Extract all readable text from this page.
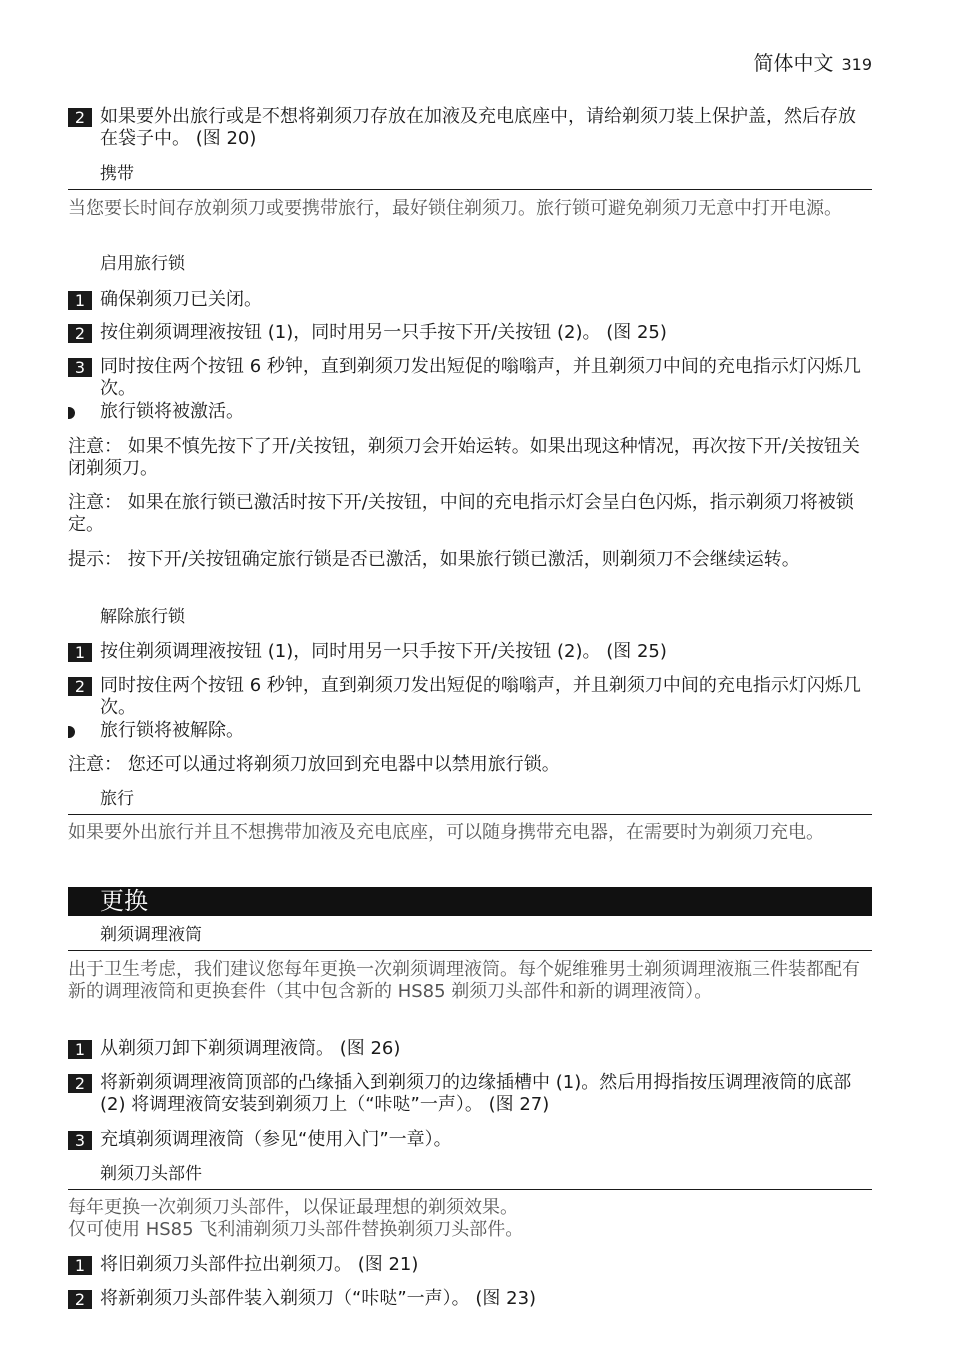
简体中文 319
2 如果要外出旅行或是不想将剃须刀存放在加液及充电底座中，请给剃须刀装上保护盖，然后存放在袋子中。 (图 20)
携带
当您要长时间存放剃须刀或要携带旅行，最好锁住剃须刀。旅行锁可避免剃须刀无意中打开电源。
启用旅行锁
1 确保剃须刀已关闭。
2 按住剃须调理液按钮 (1)，同时用另一只手按下开/关按钮 (2)。 (图 25)
3 同时按住两个按钮 6 秒钟，直到剃须刀发出短促的嗡嗡声，并且剃须刀中间的充电指示灯闪烁几次。
旅行锁将被激活。
注意： 如果不慎先按下了开/关按钮，剃须刀会开始运转。如果出现这种情况，再次按下开/关按钮关闭剃须刀。
注意： 如果在旅行锁已激活时按下开/关按钮，中间的充电指示灯会呈白色闪烁，指示剃须刀将被锁定。
提示： 按下开/关按钮确定旅行锁是否已激活，如果旅行锁已激活，则剃须刀不会继续运转。
解除旅行锁
1 按住剃须调理液按钮 (1)，同时用另一只手按下开/关按钮 (2)。 (图 25)
2 同时按住两个按钮 6 秒钟，直到剃须刀发出短促的嗡嗡声，并且剃须刀中间的充电指示灯闪烁几次。
旅行锁将被解除。
注意： 您还可以通过将剃须刀放回到充电器中以禁用旅行锁。
旅行
如果要外出旅行并且不想携带加液及充电底座，可以随身携带充电器，在需要时为剃须刀充电。
更换
剃须调理液筒
出于卫生考虑，我们建议您每年更换一次剃须调理液筒。每个妮维雅男士剃须调理液瓶三件装都配有新的调理液筒和更换套件（其中包含新的 HS85 剃须刀头部件和新的调理液筒）。
1 从剃须刀卸下剃须调理液筒。 (图 26)
2 将新剃须调理液筒顶部的凸缘插入到剃须刀的边缘插槽中 (1)。然后用拇指按压调理液筒的底部 (2) 将调理液筒安装到剃须刀上（“咔哒”一声）。 (图 27)
3 充填剃须调理液筒（参见“使用入门”一章）。
剃须刀头部件
每年更换一次剃须刀头部件，以保证最理想的剃须效果。
仅可使用 HS85 飞利浦剃须刀头部件替换剃须刀头部件。
1 将旧剃须刀头部件拉出剃须刀。 (图 21)
2 将新剃须刀头部件装入剃须刀（“咔哒”一声）。 (图 23)
